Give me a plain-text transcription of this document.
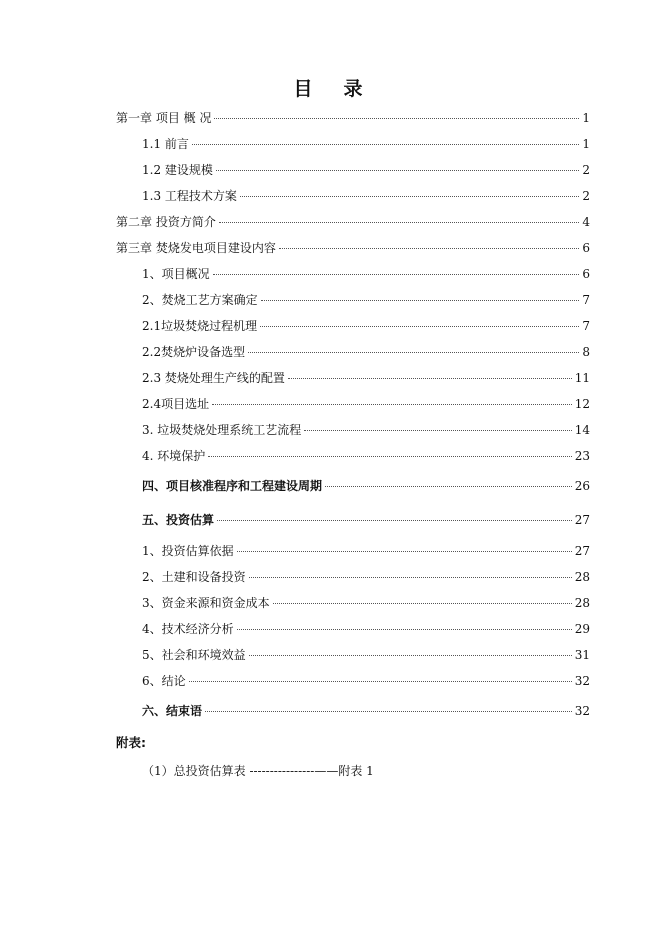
目　录
第一章 项目 概 况	1
1.1 前言	1
1.2 建设规模	2
1.3 工程技术方案	2
第二章 投资方简介	4
第三章 焚烧发电项目建设内容	6
1、项目概况	6
2、焚烧工艺方案确定	7
2.1垃圾焚烧过程机理	7
2.2焚烧炉设备选型	8
2.3 焚烧处理生产线的配置	11
2.4项目选址	12
3. 垃圾焚烧处理系统工艺流程	14
4. 环境保护	23
四、项目核准程序和工程建设周期	26
五、投资估算	27
1、投资估算依据	27
2、土建和设备投资	28
3、资金来源和资金成本	28
4、技术经济分析	29
5、社会和环境效益	31
6、结论	32
六、结束语	32
附表:
（1）总投资估算表 ----------------——附表 1
